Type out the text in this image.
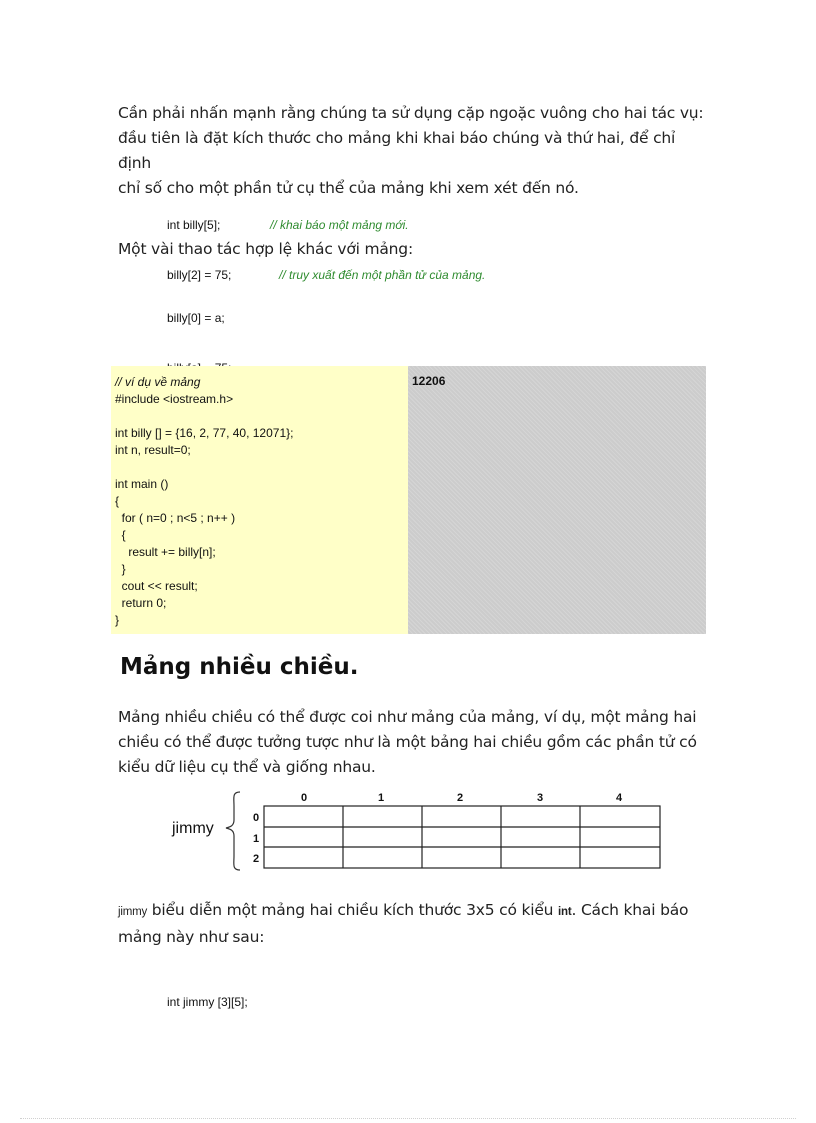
Cần phải nhấn mạnh rằng chúng ta sử dụng cặp ngoặc vuông cho hai tác vụ:
đầu tiên là đặt kích thước cho mảng khi khai báo chúng và thứ hai, để chỉ định
chỉ số cho một phần tử cụ thể của mảng khi xem xét đến nó.

int billy[5];	// khai báo một mảng mới.

billy[2] = 75;	// truy xuất đến một phần tử của mảng.

Một vài thao tác hợp lệ khác với mảng:

billy[0] = a;

// ví dụ về mảng
#include <iostream.h>

int billy [] = {16, 2, 77, 40, 12071};
int n, result=0;

int main ()
{
for ( n=0 ; n<5 ; n++ )
{
result += billy[n];
}
cout << result;
return 0;
}
12206
Mảng nhiều chiều.
Mảng nhiều chiều có thể được coi như mảng của mảng, ví dụ, một mảng hai
chiều có thể được tưởng tược như là một bảng hai chiều gồm các phần tử có
kiểu dữ liệu cụ thể và giống nhau.
jimmy
0	1	2	3	4
0
1
2
jimmy biểu diễn một mảng hai chiều kích thước 3x5 có kiểu int. Cách khai báo
mảng này như sau:

int jimmy [3][5];
